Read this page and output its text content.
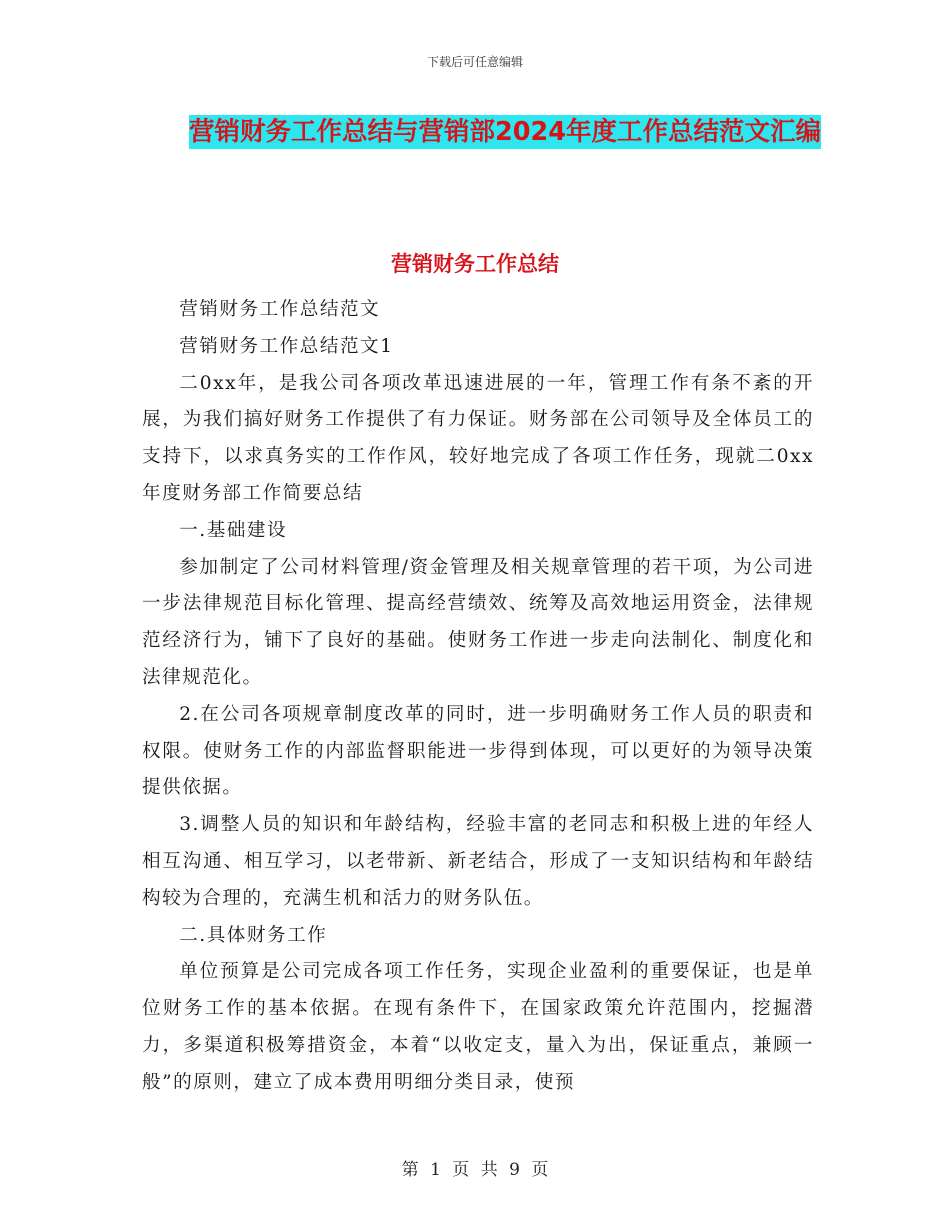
下载后可任意编辑
营销财务工作总结与营销部2024年度工作总结范文汇编
营销财务工作总结

营销财务工作总结范文

营销财务工作总结范文1

二0xx年，是我公司各项改革迅速进展的一年，管理工作有条不紊的开展，为我们搞好财务工作提供了有力保证。财务部在公司领导及全体员工的支持下，以求真务实的工作作风，较好地完成了各项工作任务，现就二0xx年度财务部工作简要总结

一.基础建设

参加制定了公司材料管理/资金管理及相关规章管理的若干项，为公司进一步法律规范目标化管理、提高经营绩效、统筹及高效地运用资金，法律规范经济行为，铺下了良好的基础。使财务工作进一步走向法制化、制度化和法律规范化。

2.在公司各项规章制度改革的同时，进一步明确财务工作人员的职责和权限。使财务工作的内部监督职能进一步得到体现，可以更好的为领导决策提供依据。

3.调整人员的知识和年龄结构，经验丰富的老同志和积极上进的年经人相互沟通、相互学习，以老带新、新老结合，形成了一支知识结构和年龄结构较为合理的，充满生机和活力的财务队伍。

二.具体财务工作

单位预算是公司完成各项工作任务，实现企业盈利的重要保证，也是单位财务工作的基本依据。在现有条件下，在国家政策允许范围内，挖掘潜力，多渠道积极筹措资金，本着“以收定支，量入为出，保证重点，兼顾一般”的原则，建立了成本费用明细分类目录，使预

第 1 页 共 9 页
